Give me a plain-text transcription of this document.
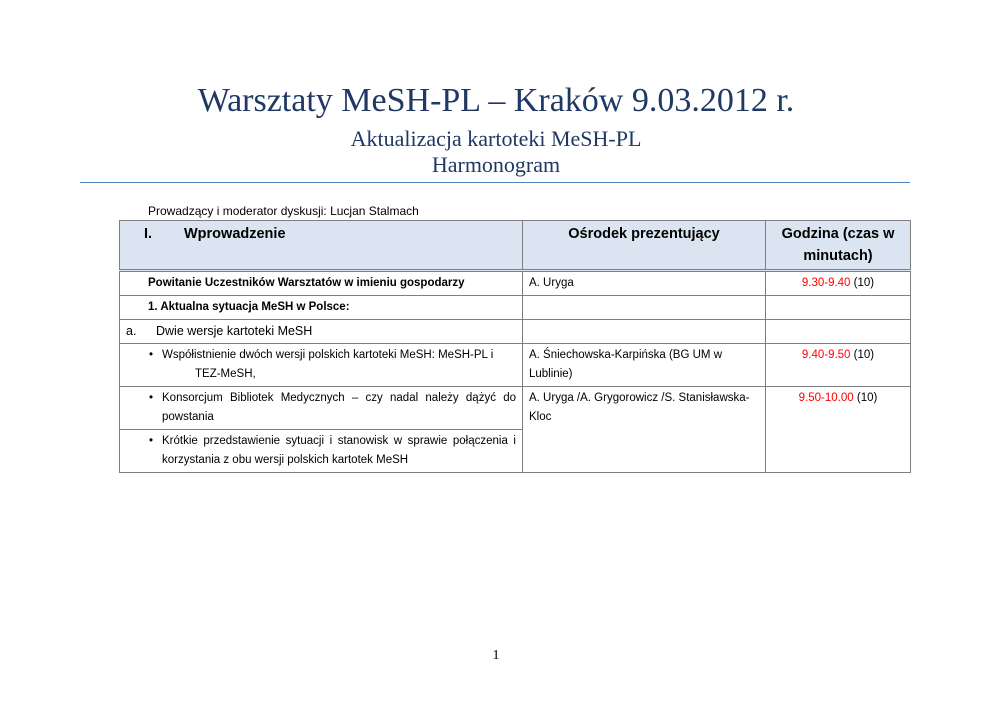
Warsztaty MeSH-PL – Kraków 9.03.2012 r.
Aktualizacja kartoteki MeSH-PL
Harmonogram
Prowadzący i moderator dyskusji: Lucjan Stalmach
I. Wprowadzenie	Ośrodek prezentujący	Godzina (czas w minutach)
Powitanie Uczestników Warsztatów w imieniu gospodarzy	A. Uryga	9.30-9.40 (10)
1. Aktualna sytuacja MeSH w Polsce:		

a. Dwie wersje kartoteki MeSH		

• Współistnienie dwóch wersji polskich kartoteki MeSH: MeSH-PL i
TEZ-MeSH,	A. Śniechowska-Karpińska (BG UM w Lublinie)	9.40-9.50 (10)

• Konsorcjum Bibliotek Medycznych – czy nadal należy dążyć do powstania	A. Uryga /A. Grygorowicz /S. Stanisławska-Kloc	9.50-10.00 (10)

• Krótkie przedstawienie sytuacji i stanowisk w sprawie połączenia i korzystania z obu wersji polskich kartotek MeSH		
1
